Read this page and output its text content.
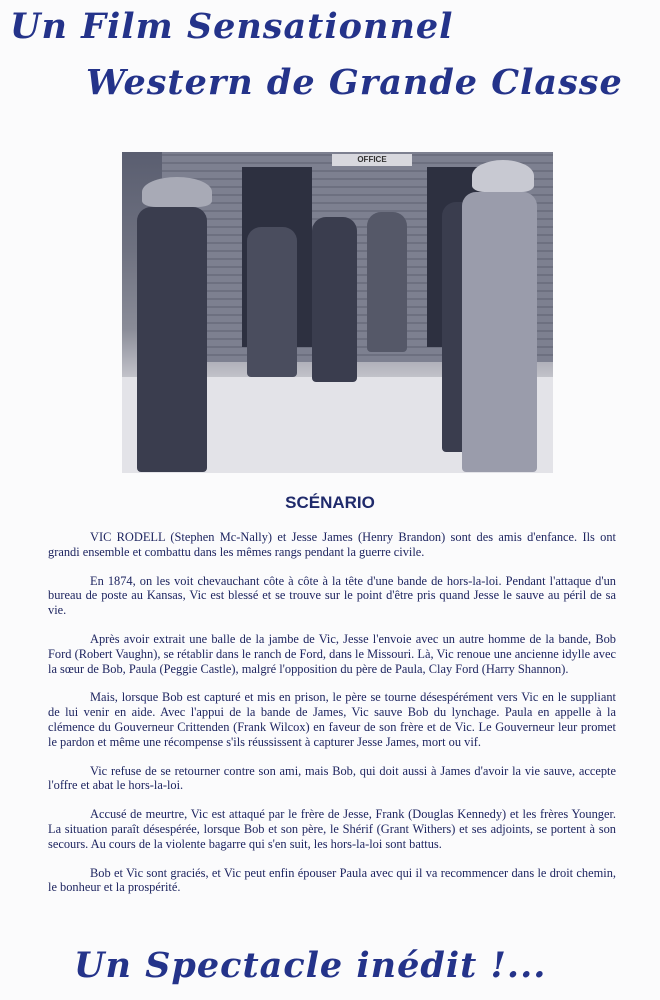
Un Film Sensationnel
Western de Grande Classe
OFFICE
SCÉNARIO

VIC RODELL (Stephen Mc-Nally) et Jesse James (Henry Brandon) sont des amis d'enfance. Ils ont grandi ensemble et combattu dans les mêmes rangs pendant la guerre civile.

En 1874, on les voit chevauchant côte à côte à la tête d'une bande de hors-la-loi. Pendant l'attaque d'un bureau de poste au Kansas, Vic est blessé et se trouve sur le point d'être pris quand Jesse le sauve au péril de sa vie.

Après avoir extrait une balle de la jambe de Vic, Jesse l'envoie avec un autre homme de la bande, Bob Ford (Robert Vaughn), se rétablir dans le ranch de Ford, dans le Missouri. Là, Vic renoue une ancienne idylle avec la sœur de Bob, Paula (Peggie Castle), malgré l'opposition du père de Paula, Clay Ford (Harry Shannon).

Mais, lorsque Bob est capturé et mis en prison, le père se tourne désespérément vers Vic en le suppliant de lui venir en aide. Avec l'appui de la bande de James, Vic sauve Bob du lynchage. Paula en appelle à la clémence du Gouverneur Crittenden (Frank Wilcox) en faveur de son frère et de Vic. Le Gouverneur leur promet le pardon et même une récompense s'ils réussissent à capturer Jesse James, mort ou vif.

Vic refuse de se retourner contre son ami, mais Bob, qui doit aussi à James d'avoir la vie sauve, accepte l'offre et abat le hors-la-loi.

Accusé de meurtre, Vic est attaqué par le frère de Jesse, Frank (Douglas Kennedy) et les frères Younger. La situation paraît désespérée, lorsque Bob et son père, le Shérif (Grant Withers) et ses adjoints, se portent à son secours. Au cours de la violente bagarre qui s'en suit, les hors-la-loi sont battus.

Bob et Vic sont graciés, et Vic peut enfin épouser Paula avec qui il va recommencer dans le droit chemin, le bonheur et la prospérité.

Un Spectacle inédit !...
